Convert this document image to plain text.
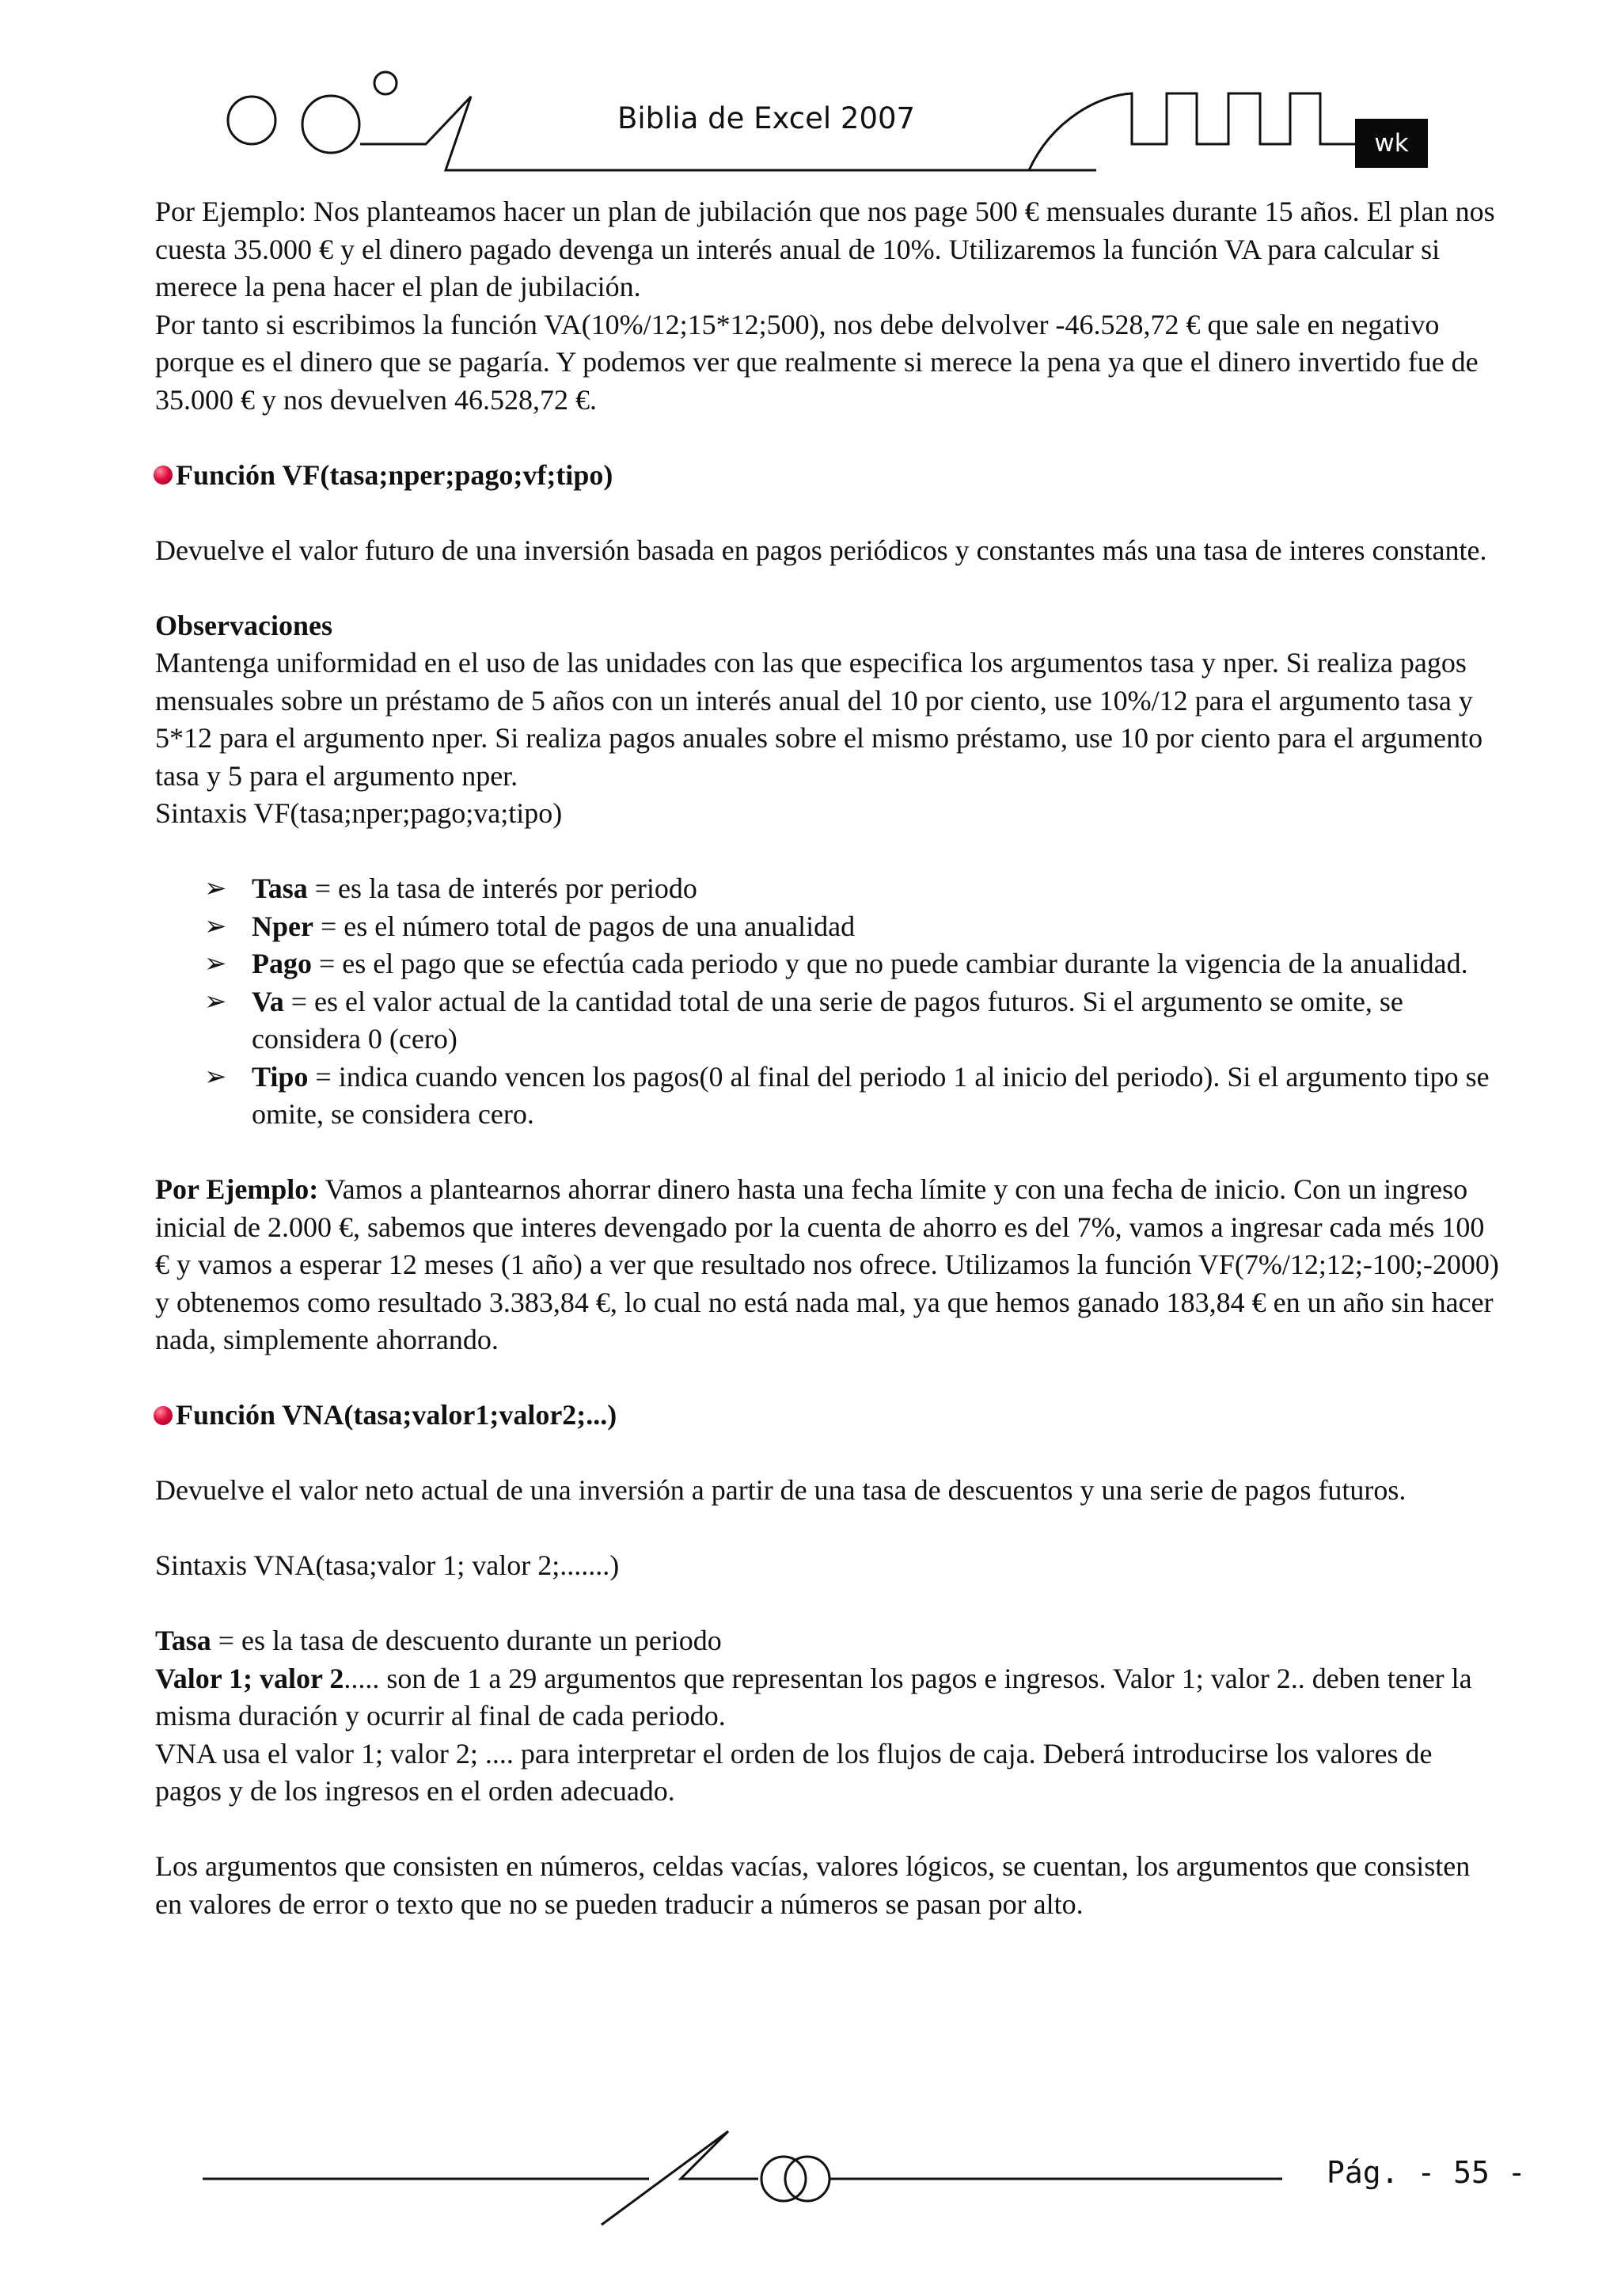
Biblia de Excel 2007
wk

Por Ejemplo: Nos planteamos hacer un plan de jubilación que nos page 500 € mensuales durante 15 años. El plan nos cuesta 35.000 € y el dinero pagado devenga un interés anual de 10%. Utilizaremos la función VA para calcular si merece la pena hacer el plan de jubilación.

Por tanto si escribimos la función VA(10%/12;15*12;500), nos debe delvolver -46.528,72 € que sale en negativo porque es el dinero que se pagaría. Y podemos ver que realmente si merece la pena ya que el dinero invertido fue de 35.000 € y nos devuelven 46.528,72 €.

Función VF(tasa;nper;pago;vf;tipo)

Devuelve el valor futuro de una inversión basada en pagos periódicos y constantes más una tasa de interes constante.

Observaciones

Mantenga uniformidad en el uso de las unidades con las que especifica los argumentos tasa y nper. Si realiza pagos mensuales sobre un préstamo de 5 años con un interés anual del 10 por ciento, use 10%/12 para el argumento tasa y 5*12 para el argumento nper. Si realiza pagos anuales sobre el mismo préstamo, use 10 por ciento para el argumento tasa y 5 para el argumento nper.

Sintaxis VF(tasa;nper;pago;va;tipo)

➢ Tasa = es la tasa de interés por periodo
➢ Nper = es el número total de pagos de una anualidad
➢ Pago = es el pago que se efectúa cada periodo y que no puede cambiar durante la vigencia de la anualidad.
➢ Va = es el valor actual de la cantidad total de una serie de pagos futuros. Si el argumento se omite, se considera 0 (cero)
➢ Tipo = indica cuando vencen los pagos(0 al final del periodo 1 al inicio del periodo). Si el argumento tipo se omite, se considera cero.

Por Ejemplo: Vamos a plantearnos ahorrar dinero hasta una fecha límite y con una fecha de inicio. Con un ingreso inicial de 2.000 €, sabemos que interes devengado por la cuenta de ahorro es del 7%, vamos a ingresar cada més 100 € y vamos a esperar 12 meses (1 año) a ver que resultado nos ofrece. Utilizamos la función VF(7%/12;12;-100;-2000) y obtenemos como resultado 3.383,84 €, lo cual no está nada mal, ya que hemos ganado 183,84 € en un año sin hacer nada, simplemente ahorrando.

Función VNA(tasa;valor1;valor2;...)

Devuelve el valor neto actual de una inversión a partir de una tasa de descuentos y una serie de pagos futuros.

Sintaxis VNA(tasa;valor 1; valor 2;.......)

Tasa = es la tasa de descuento durante un periodo

Valor 1; valor 2..... son de 1 a 29 argumentos que representan los pagos e ingresos. Valor 1; valor 2.. deben tener la misma duración y ocurrir al final de cada periodo.

VNA usa el valor 1; valor 2; .... para interpretar el orden de los flujos de caja. Deberá introducirse los valores de pagos y de los ingresos en el orden adecuado.

Los argumentos que consisten en números, celdas vacías, valores lógicos, se cuentan, los argumentos que consisten en valores de error o texto que no se pueden traducir a números se pasan por alto.

Pág. - 55 -
